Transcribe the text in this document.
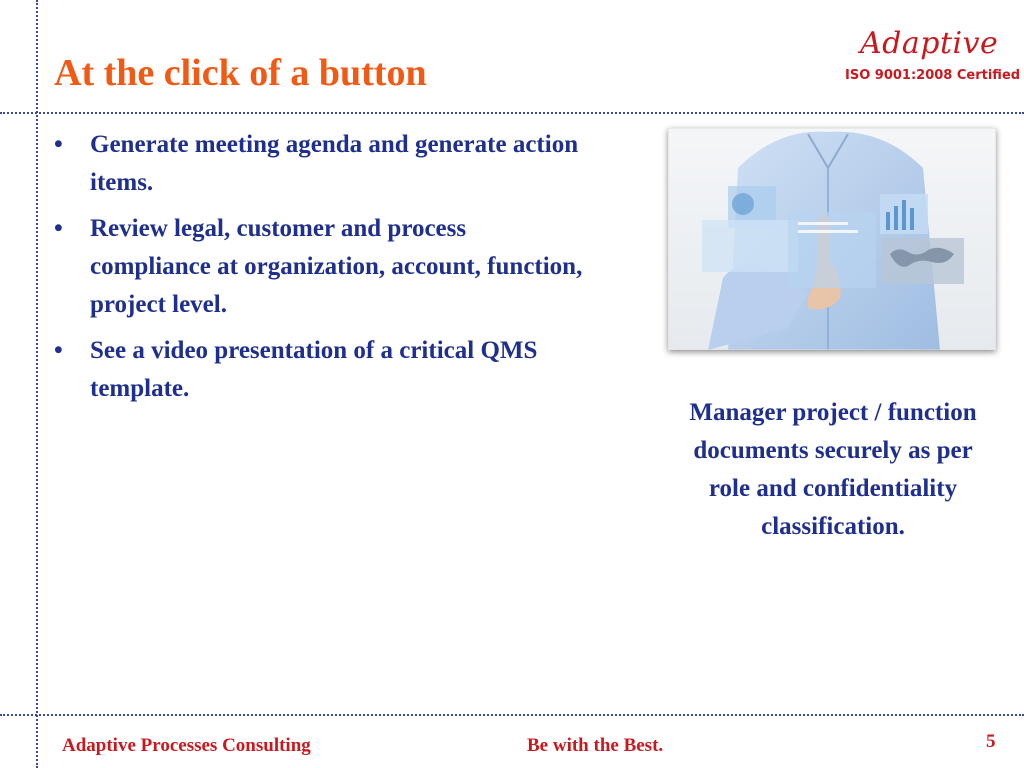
At the click of a button
Adaptive
ISO 9001:2008 Certified
• Generate meeting agenda and generate action items.
• Review legal, customer and process compliance at organization, account, function, project level.
• See a video presentation of a critical QMS template.

Manager project / function documents securely as per role and confidentiality classification.

Adaptive Processes Consulting	Be with the Best.	5
